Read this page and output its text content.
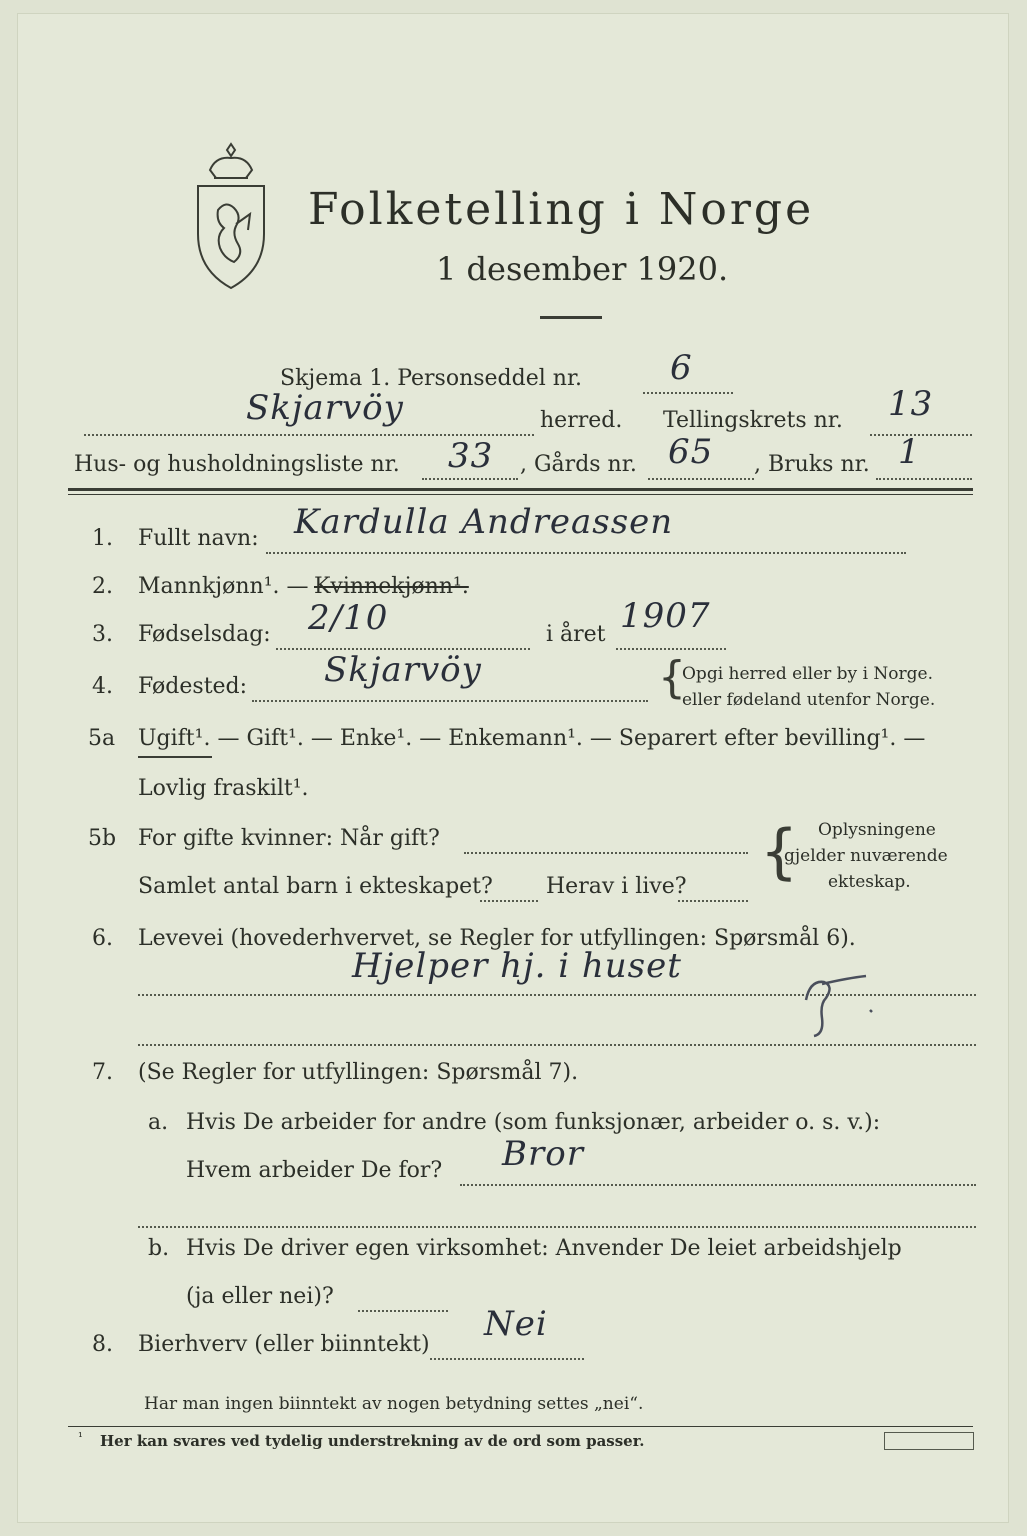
Folketelling i Norge
1 desember 1920.
Skjema 1. Personseddel nr.	6
Skjarvöy	herred. Tellingskrets nr. 13
Hus- og husholdningsliste nr. 33 , Gårds nr. 65 , Bruks nr. 1
1. Fullt navn: Kardulla Andreassen
2. Mannkjønn¹. — Kvinnekjønn¹.
3. Fødselsdag: 2/10	i året 1907
4. Fødested: Skjarvöy	{
Opgi herred eller by i Norge.
eller fødeland utenfor Norge.
5a Ugift¹. — Gift¹. — Enke¹. — Enkemann¹. — Separert efter bevilling¹. —
Lovlig fraskilt¹.
5b For gifte kvinner: Når gift?
Samlet antal barn i ekteskapet? Herav i live? { Oplysningene
gjelder nuværende
ekteskap.
6. Levevei (hovederhvervet, se Regler for utfyllingen: Spørsmål 6).
Hjelper hj. i huset
7. (Se Regler for utfyllingen: Spørsmål 7).
a. Hvis De arbeider for andre (som funksjonær, arbeider o. s. v.):
Hvem arbeider De for? Bror
b. Hvis De driver egen virksomhet: Anvender De leiet arbeidshjelp
(ja eller nei)?
8. Bierhverv (eller biinntekt)
Nei
Har man ingen biinntekt av nogen betydning settes „nei“.
¹ Her kan svares ved tydelig understrekning av de ord som passer.
